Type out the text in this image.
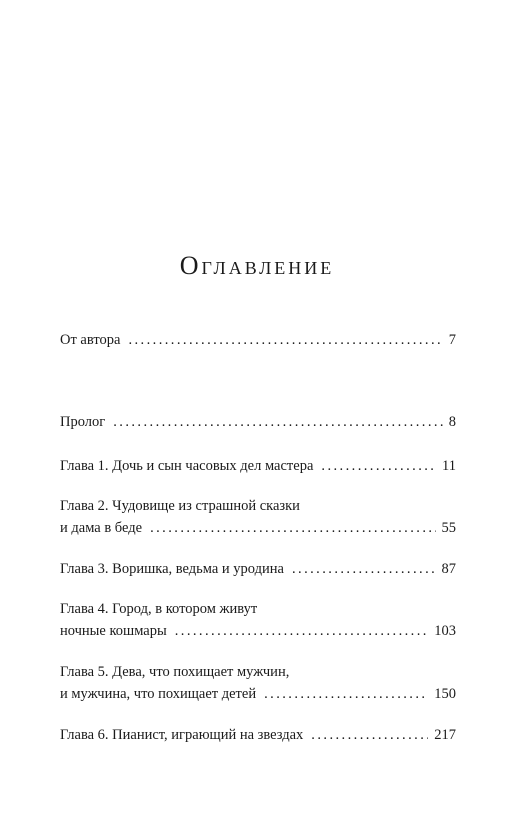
Оглавление
От автора . . .	7
Пролог . . .	8
Глава 1. Дочь и сын часовых дел мастера . . .	11
Глава 2. Чудовище из страшной сказки
и дама в беде . . .	55
Глава 3. Воришка, ведьма и уродина . . .	87
Глава 4. Город, в котором живут
ночные кошмары . . .	103
Глава 5. Дева, что похищает мужчин,
и мужчина, что похищает детей . . .	150
Глава 6. Пианист, играющий на звездах . . .	217
